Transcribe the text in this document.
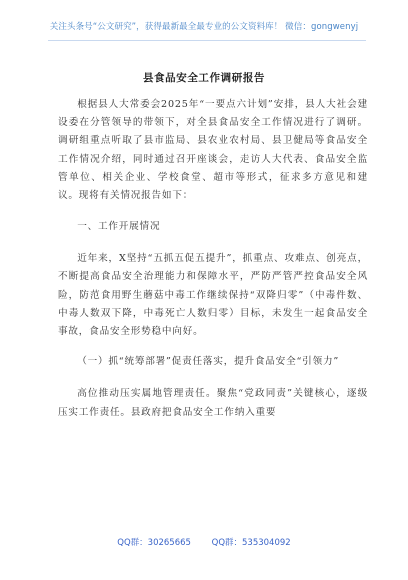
关注头条号“公文研究”，获得最新最全最专业的公文资料库！ 微信：gongwenyj
县食品安全工作调研报告

根据县人大常委会2025年“一要点六计划”安排，县人大社会建设委在分管领导的带领下，对全县食品安全工作情况进行了调研。调研组重点听取了县市监局、县农业农村局、县卫健局等食品安全工作情况介绍，同时通过召开座谈会，走访人大代表、食品安全监管单位、相关企业、学校食堂、超市等形式，征求多方意见和建议。现将有关情况报告如下：

一、工作开展情况

近年来，X坚持“五抓五促五提升”，抓重点、攻难点、创亮点，不断提高食品安全治理能力和保障水平，严防严管严控食品安全风险，防范食用野生蘑菇中毒工作继续保持“双降归零”（中毒件数、中毒人数双下降，中毒死亡人数归零）目标，未发生一起食品安全事故，食品安全形势稳中向好。

（一）抓“统筹部署”促责任落实，提升食品安全“引领力”

高位推动压实属地管理责任。聚焦“党政同责”关键核心，逐级压实工作责任。县政府把食品安全工作纳入重要

QQ群：30265665 QQ群：535304092
